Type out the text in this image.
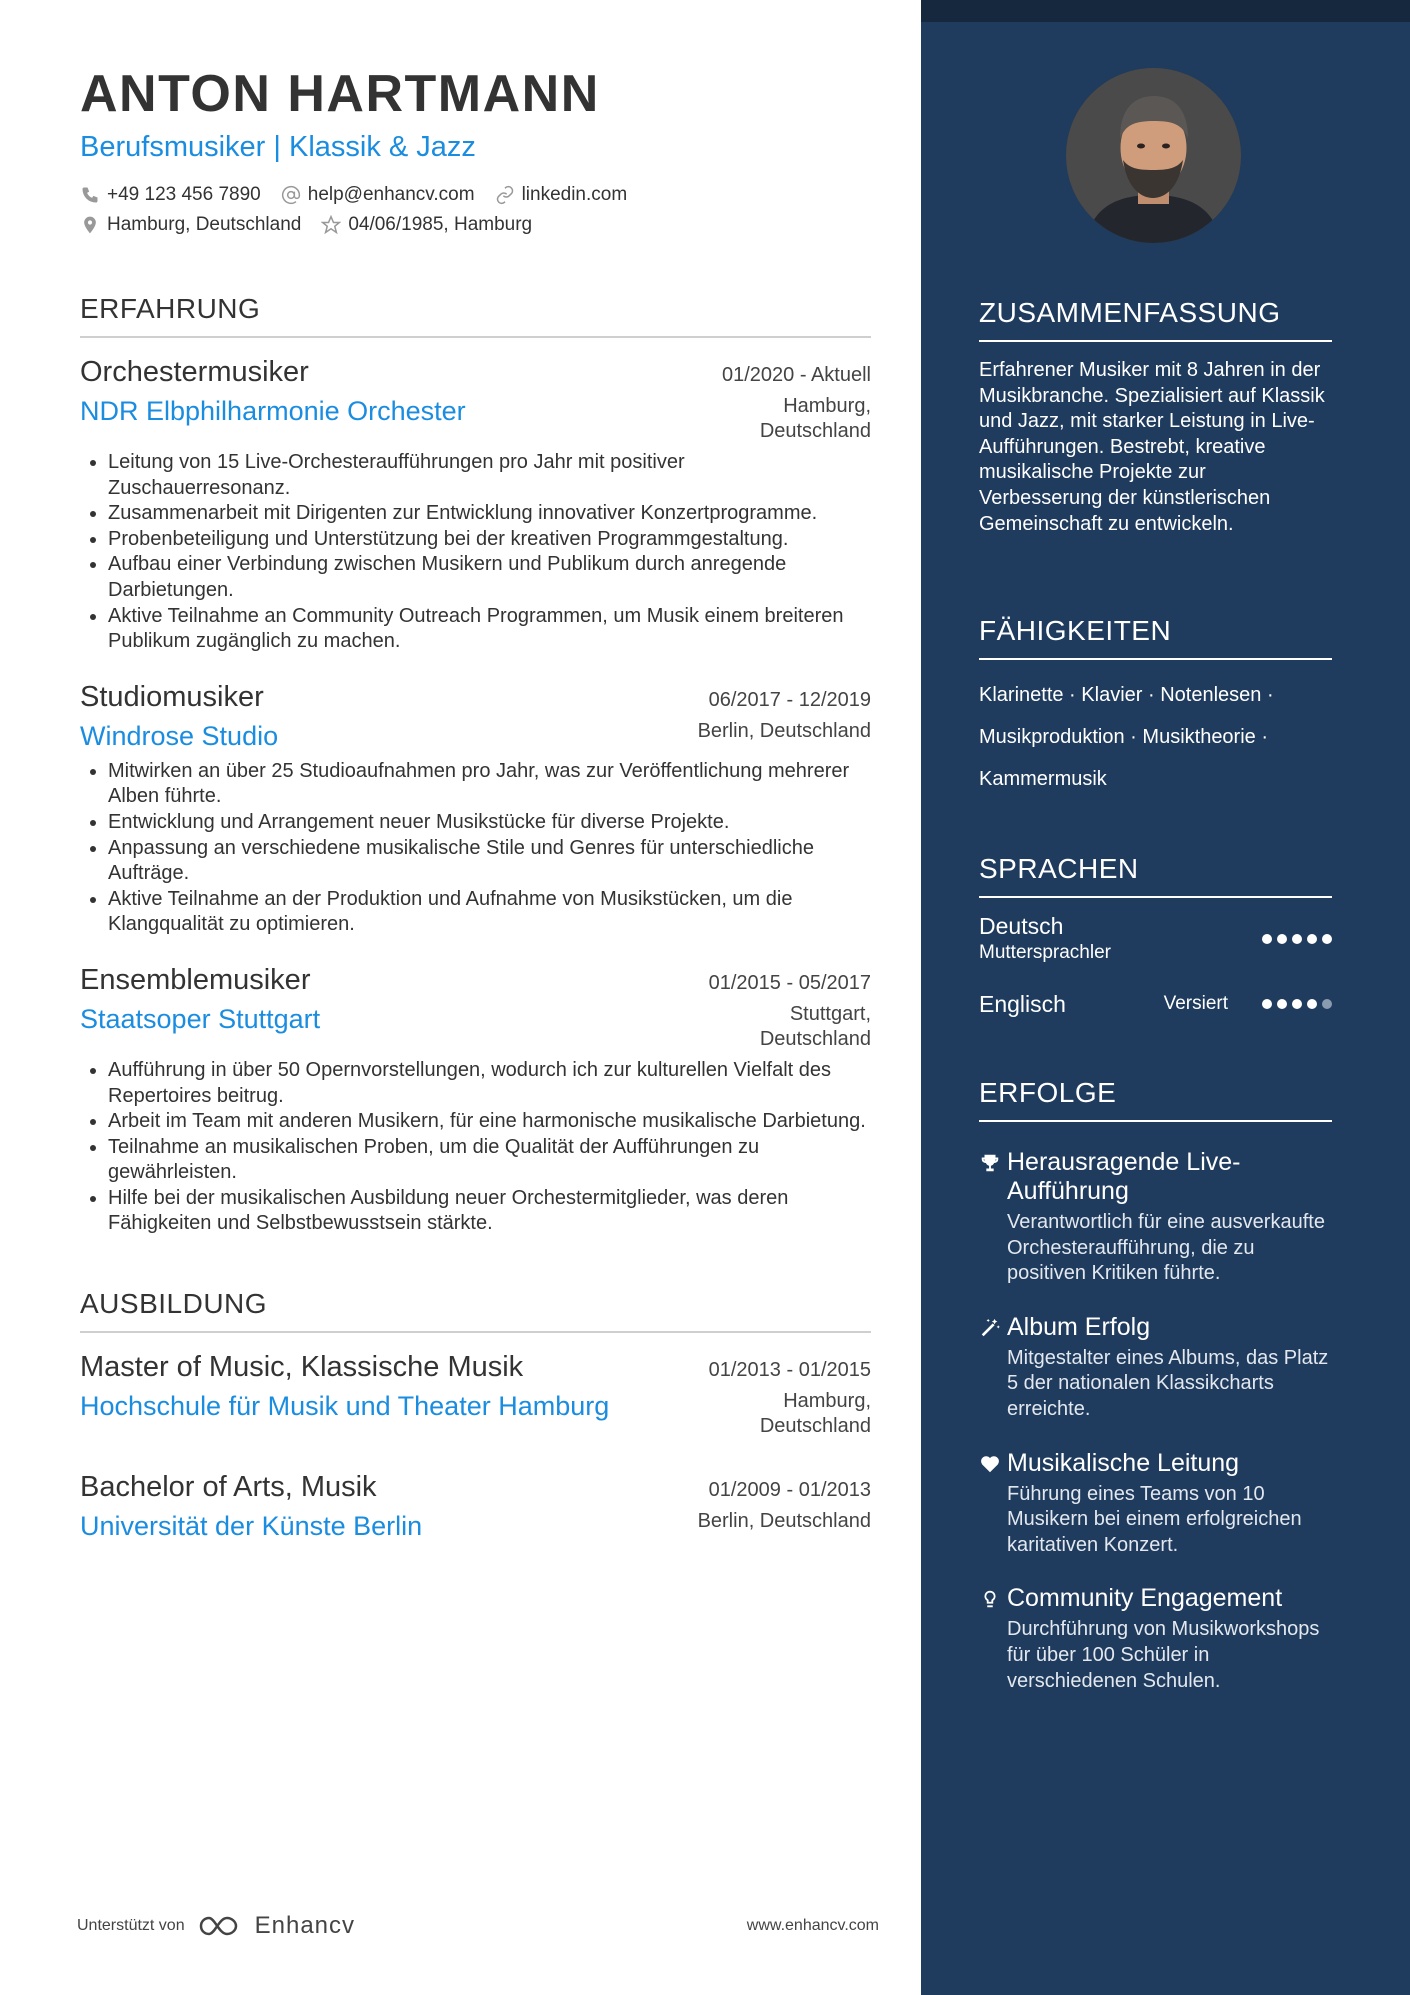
ANTON HARTMANN
Berufsmusiker | Klassik & Jazz
+49 123 456 7890 help@enhancv.com linkedin.com
Hamburg, Deutschland 04/06/1985, Hamburg
ERFAHRUNG
Orchestermusiker	01/2020 - Aktuell
NDR Elbphilharmonie Orchester	Hamburg, Deutschland
• Leitung von 15 Live-Orchesteraufführungen pro Jahr mit positiver Zuschauerresonanz.
• Zusammenarbeit mit Dirigenten zur Entwicklung innovativer Konzertprogramme.
• Probenbeteiligung und Unterstützung bei der kreativen Programmgestaltung.
• Aufbau einer Verbindung zwischen Musikern und Publikum durch anregende Darbietungen.
• Aktive Teilnahme an Community Outreach Programmen, um Musik einem breiteren Publikum zugänglich zu machen.
Studiomusiker	06/2017 - 12/2019
Windrose Studio	Berlin, Deutschland
• Mitwirken an über 25 Studioaufnahmen pro Jahr, was zur Veröffentlichung mehrerer Alben führte.
• Entwicklung und Arrangement neuer Musikstücke für diverse Projekte.
• Anpassung an verschiedene musikalische Stile und Genres für unterschiedliche Aufträge.
• Aktive Teilnahme an der Produktion und Aufnahme von Musikstücken, um die Klangqualität zu optimieren.
Ensemblemusiker	01/2015 - 05/2017
Staatsoper Stuttgart	Stuttgart, Deutschland
• Aufführung in über 50 Opernvorstellungen, wodurch ich zur kulturellen Vielfalt des Repertoires beitrug.
• Arbeit im Team mit anderen Musikern, für eine harmonische musikalische Darbietung.
• Teilnahme an musikalischen Proben, um die Qualität der Aufführungen zu gewährleisten.
• Hilfe bei der musikalischen Ausbildung neuer Orchestermitglieder, was deren Fähigkeiten und Selbstbewusstsein stärkte.
AUSBILDUNG
Master of Music, Klassische Musik	01/2013 - 01/2015
Hochschule für Musik und Theater Hamburg	Hamburg, Deutschland
Bachelor of Arts, Musik	01/2009 - 01/2013
Universität der Künste Berlin	Berlin, Deutschland
ZUSAMMENFASSUNG
Erfahrener Musiker mit 8 Jahren in der Musikbranche. Spezialisiert auf Klassik und Jazz, mit starker Leistung in Live-Aufführungen. Bestrebt, kreative musikalische Projekte zur Verbesserung der künstlerischen Gemeinschaft zu entwickeln.
FÄHIGKEITEN
Klarinette · Klavier · Notenlesen · Musikproduktion · Musiktheorie · Kammermusik
SPRACHEN
Deutsch
Muttersprachler
Englisch	Versiert
ERFOLGE
Herausragende Live-Aufführung
Verantwortlich für eine ausverkaufte Orchesteraufführung, die zu positiven Kritiken führte.
Album Erfolg
Mitgestalter eines Albums, das Platz 5 der nationalen Klassikcharts erreichte.
Musikalische Leitung
Führung eines Teams von 10 Musikern bei einem erfolgreichen karitativen Konzert.
Community Engagement
Durchführung von Musikworkshops für über 100 Schüler in verschiedenen Schulen.
Unterstützt von	Enhancv	www.enhancv.com
